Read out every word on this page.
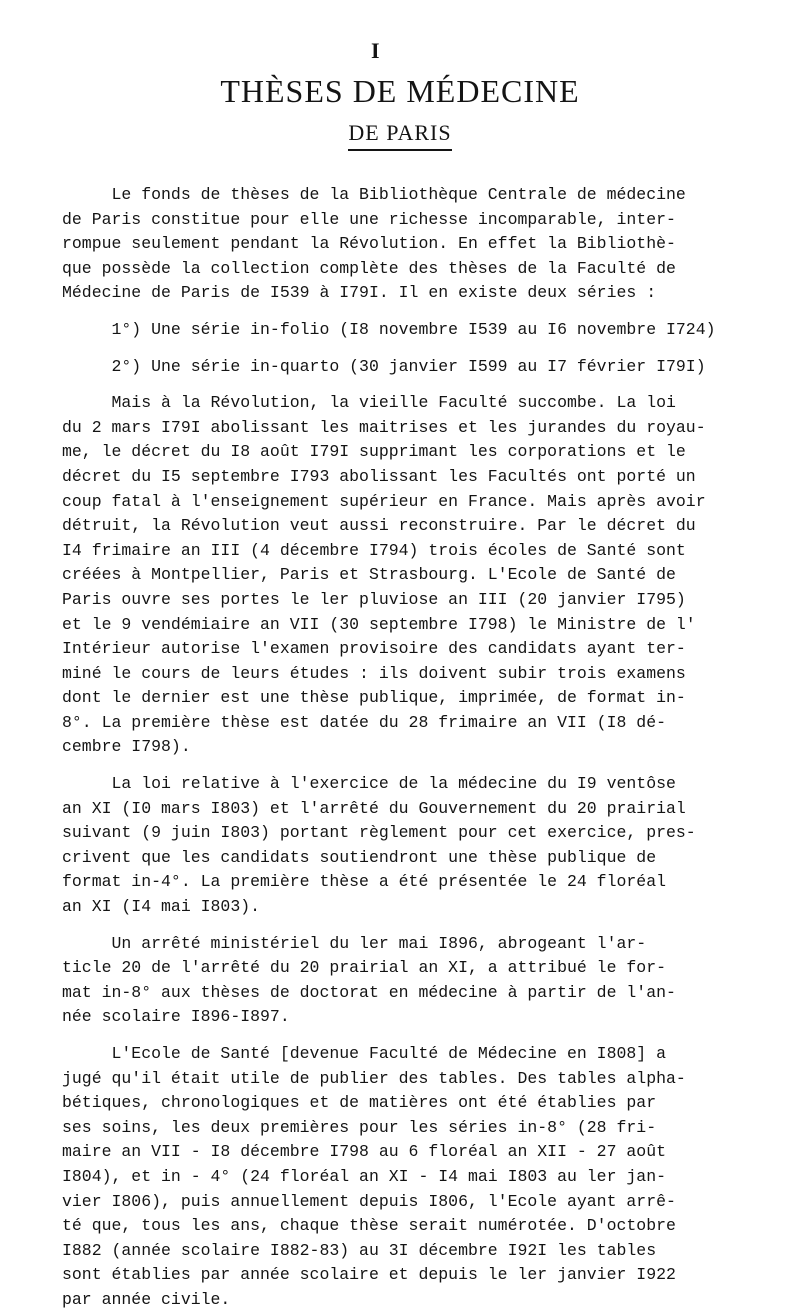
I
THÈSES DE MÉDECINE
DE PARIS
Le fonds de thèses de la Bibliothèque Centrale de médecine
de Paris constitue pour elle une richesse incomparable, inter-
rompue seulement pendant la Révolution. En effet la Bibliothè-
que possède la collection complète des thèses de la Faculté de
Médecine de Paris de I539 à I79I. Il en existe deux séries :
1°) Une série in-folio (I8 novembre I539 au I6 novembre I724)
2°) Une série in-quarto (30 janvier I599 au I7 février I79I)
Mais à la Révolution, la vieille Faculté succombe. La loi
du 2 mars I79I abolissant les maitrises et les jurandes du royau-
me, le décret du I8 août I79I supprimant les corporations et le
décret du I5 septembre I793 abolissant les Facultés ont porté un
coup fatal à l'enseignement supérieur en France. Mais après avoir
détruit, la Révolution veut aussi reconstruire. Par le décret du
I4 frimaire an III (4 décembre I794) trois écoles de Santé sont
créées à Montpellier, Paris et Strasbourg. L'Ecole de Santé de
Paris ouvre ses portes le ler pluviose an III (20 janvier I795)
et le 9 vendémiaire an VII (30 septembre I798) le Ministre de l'
Intérieur autorise l'examen provisoire des candidats ayant ter-
miné le cours de leurs études : ils doivent subir trois examens
dont le dernier est une thèse publique, imprimée, de format in-
8°. La première thèse est datée du 28 frimaire an VII (I8 dé-
cembre I798).
La loi relative à l'exercice de la médecine du I9 ventôse
an XI (I0 mars I803) et l'arrêté du Gouvernement du 20 prairial
suivant (9 juin I803) portant règlement pour cet exercice, pres-
crivent que les candidats soutiendront une thèse publique de
format in-4°. La première thèse a été présentée le 24 floréal
an XI (I4 mai I803).
Un arrêté ministériel du ler mai I896, abrogeant l'ar-
ticle 20 de l'arrêté du 20 prairial an XI, a attribué le for-
mat in-8° aux thèses de doctorat en médecine à partir de l'an-
née scolaire I896-I897.
L'Ecole de Santé [devenue Faculté de Médecine en I808] a
jugé qu'il était utile de publier des tables. Des tables alpha-
bétiques, chronologiques et de matières ont été établies par
ses soins, les deux premières pour les séries in-8° (28 fri-
maire an VII - I8 décembre I798 au 6 floréal an XII - 27 août
I804), et in - 4° (24 floréal an XI - I4 mai I803 au ler jan-
vier I806), puis annuellement depuis I806, l'Ecole ayant arrê-
té que, tous les ans, chaque thèse serait numérotée. D'octobre
I882 (année scolaire I882-83) au 3I décembre I92I les tables
sont établies par année scolaire et depuis le ler janvier I922
par année civile.
